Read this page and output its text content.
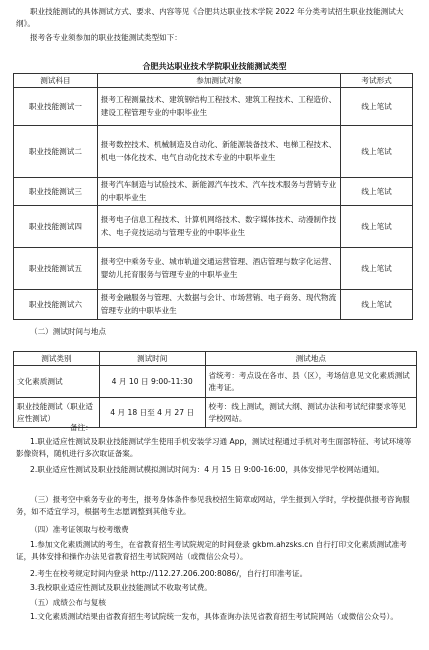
职业技能测试的具体测试方式、要求、内容等见《合肥共达职业技术学院 2022 年分类考试招生职业技能测试大纲》。
报考各专业须参加的职业技能测试类型如下：
合肥共达职业技术学院职业技能测试类型
测试科目	参加测试对象	考试形式
职业技能测试一	报考工程测量技术、建筑钢结构工程技术、建筑工程技术、工程造价、建设工程管理专业的中职毕业生	线上笔试
职业技能测试二	报考数控技术、机械制造及自动化、新能源装备技术、电梯工程技术、机电一体化技术、电气自动化技术专业的中职毕业生	线上笔试
职业技能测试三	报考汽车制造与试验技术、新能源汽车技术、汽车技术服务与营销专业的中职毕业生	线上笔试
职业技能测试四	报考电子信息工程技术、计算机网络技术、数字媒体技术、动漫制作技术、电子竞技运动与管理专业的中职毕业生	线上笔试
职业技能测试五	报考空中乘务专业、城市轨道交通运营管理、酒店管理与数字化运营、婴幼儿托育服务与管理专业的中职毕业生	线上笔试
职业技能测试六	报考金融服务与管理、大数据与会计、市场营销、电子商务、现代物流管理专业的中职毕业生	线上笔试
（二）测试时间与地点
测试类别	测试时间	测试地点
文化素质测试	4 月 10 日 9:00-11:30	省统考：考点设在各市、县（区），考场信息见文化素质测试准考证。
职业技能测试（职业适应性测试）	4 月 18 日至 4 月 27 日	校考：线上测试，测试大纲、测试办法和考试纪律要求等见学校网站。
备注：
1.职业适应性测试及职业技能测试学生使用手机安装学习通 App，测试过程通过手机对考生面部特征、考试环境等影像资料，随机进行多次取证备案。
2.职业适应性测试及职业技能测试模拟测试时间为：4 月 15 日 9:00-16:00，具体安排见学校网站通知。
（三）报考空中乘务专业的考生，报考身体条件参见我校招生简章或网站，学生报到入学时，学校提供报考咨询服务，如不适宜学习，根据考生志愿调整到其他专业。
（四）准考证领取与校考缴费
1.参加文化素质测试的考生，在省教育招生考试院规定的时间登录 gkbm.ahzsks.cn 自行打印文化素质测试准考证，具体安排和操作办法见省教育招生考试院网站（或微信公众号）。
2.考生在校考规定时间内登录 http://112.27.206.200:8086/，自行打印准考证。
3.我校职业适应性测试及职业技能测试不收取考试费。
（五）成绩公布与复核
1.文化素质测试结果由省教育招生考试院统一发布，具体查询办法见省教育招生考试院网站（或微信公众号）。
